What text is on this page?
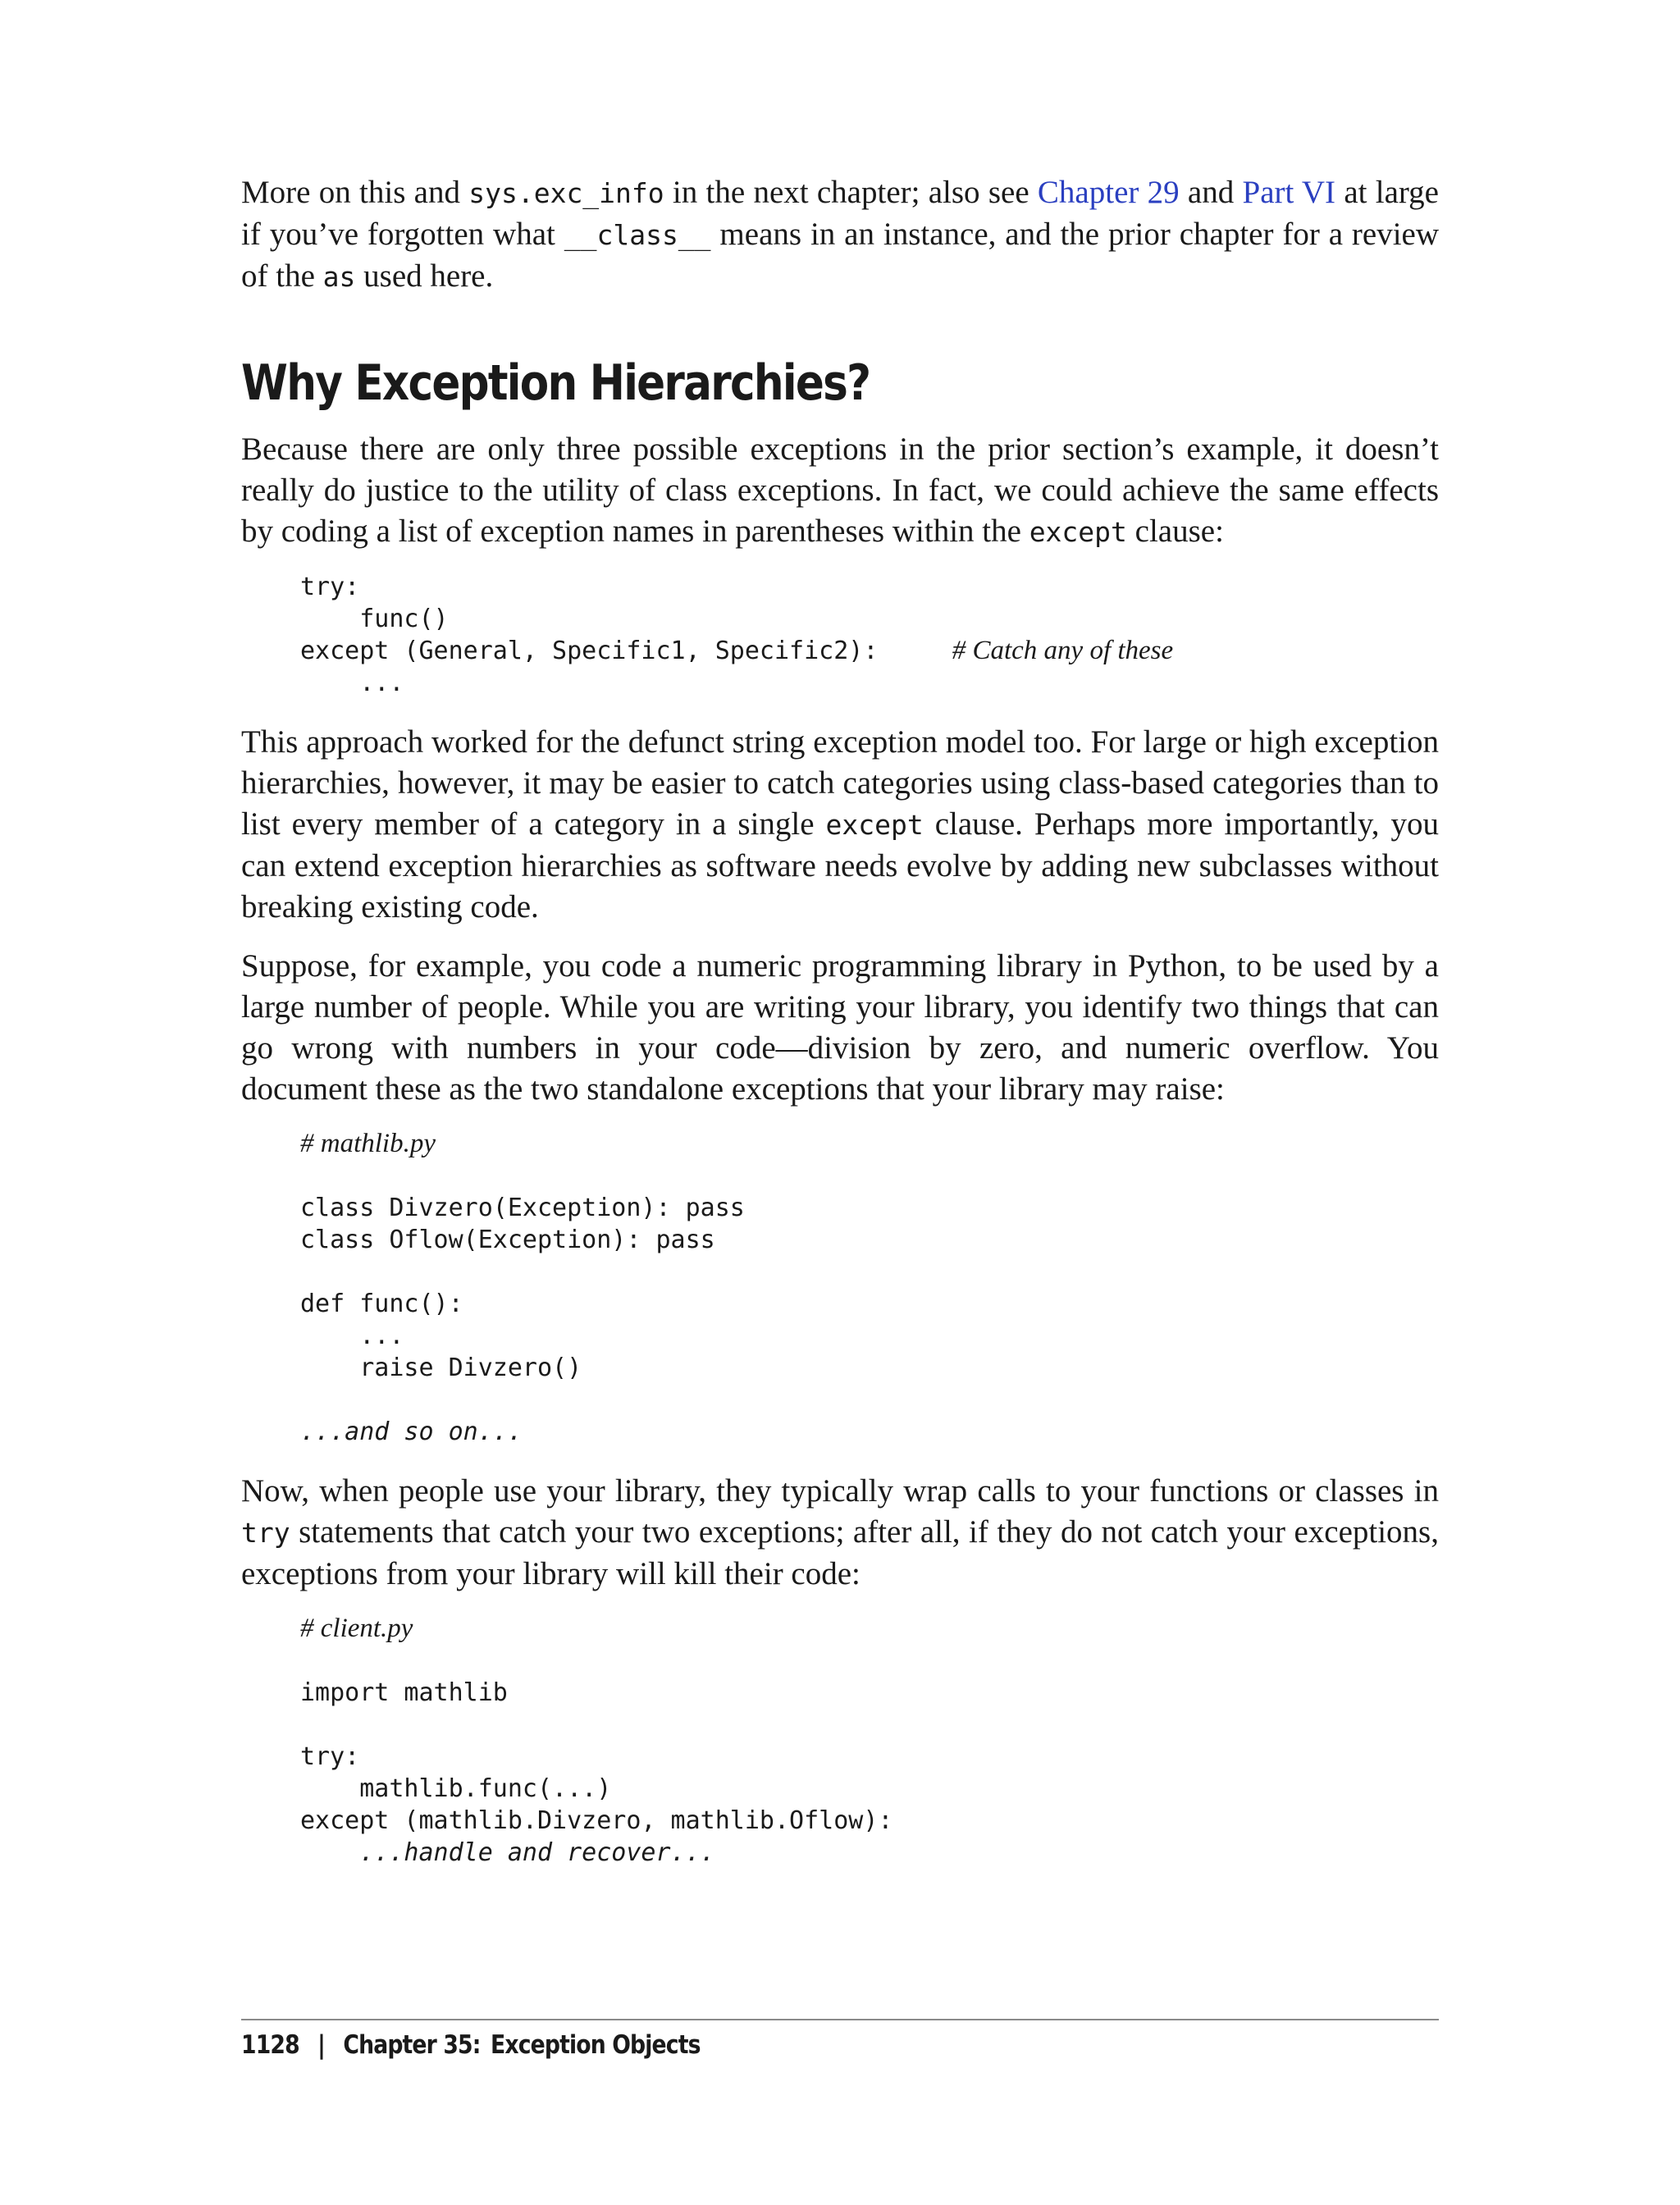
More on this and sys.exc_info in the next chapter; also see Chapter 29 and Part VI at large if you’ve forgotten what __class__ means in an instance, and the prior chapter for a review of the as used here.

Why Exception Hierarchies?

Because there are only three possible exceptions in the prior section’s example, it doesn’t really do justice to the utility of class exceptions. In fact, we could achieve the same effects by coding a list of exception names in parentheses within the except clause:

try:
func()
except (General, Specific1, Specific2):     # Catch any of these
...

This approach worked for the defunct string exception model too. For large or high exception hierarchies, however, it may be easier to catch categories using class-based categories than to list every member of a category in a single except clause. Perhaps more importantly, you can extend exception hierarchies as software needs evolve by adding new subclasses without breaking existing code.

Suppose, for example, you code a numeric programming library in Python, to be used by a large number of people. While you are writing your library, you identify two things that can go wrong with numbers in your code—division by zero, and numeric overflow. You document these as the two standalone exceptions that your library may raise:

# mathlib.py

class Divzero(Exception): pass
class Oflow(Exception): pass

def func():
...
raise Divzero()

...and so on...

Now, when people use your library, they typically wrap calls to your functions or classes in try statements that catch your two exceptions; after all, if they do not catch your exceptions, exceptions from your library will kill their code:

# client.py

import mathlib

try:
mathlib.func(...)
except (mathlib.Divzero, mathlib.Oflow):
...handle and recover...
1128 | Chapter 35: Exception Objects
